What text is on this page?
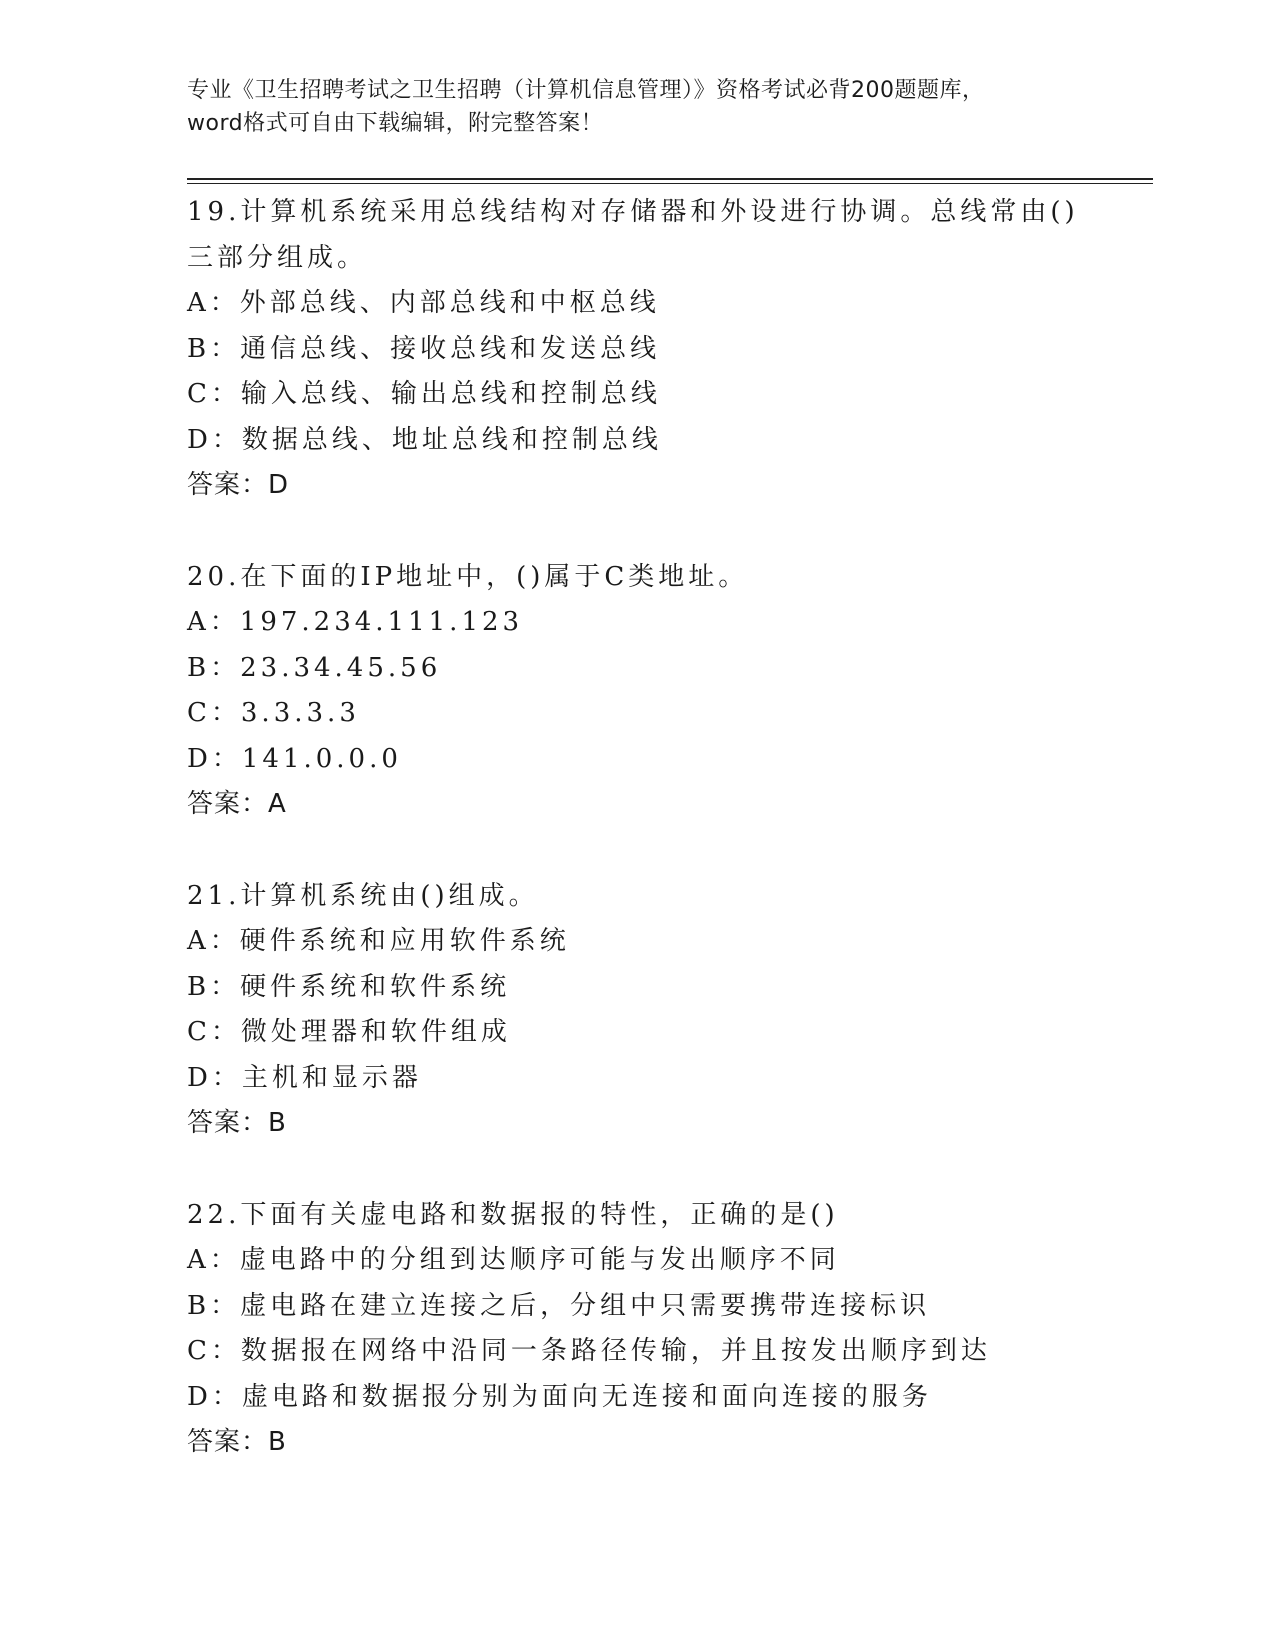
专业《卫生招聘考试之卫生招聘（计算机信息管理）》资格考试必背200题题库，
word格式可自由下载编辑，附完整答案！
19.计算机系统采用总线结构对存储器和外设进行协调。总线常由()三部分组成。
A：外部总线、内部总线和中枢总线
B：通信总线、接收总线和发送总线
C：输入总线、输出总线和控制总线
D：数据总线、地址总线和控制总线
答案：D
20.在下面的IP地址中，()属于C类地址。
A：197.234.111.123
B：23.34.45.56
C：3.3.3.3
D：141.0.0.0
答案：A
21.计算机系统由()组成。
A：硬件系统和应用软件系统
B：硬件系统和软件系统
C：微处理器和软件组成
D：主机和显示器
答案：B
22.下面有关虚电路和数据报的特性，正确的是()
A：虚电路中的分组到达顺序可能与发出顺序不同
B：虚电路在建立连接之后，分组中只需要携带连接标识
C：数据报在网络中沿同一条路径传输，并且按发出顺序到达
D：虚电路和数据报分别为面向无连接和面向连接的服务
答案：B
